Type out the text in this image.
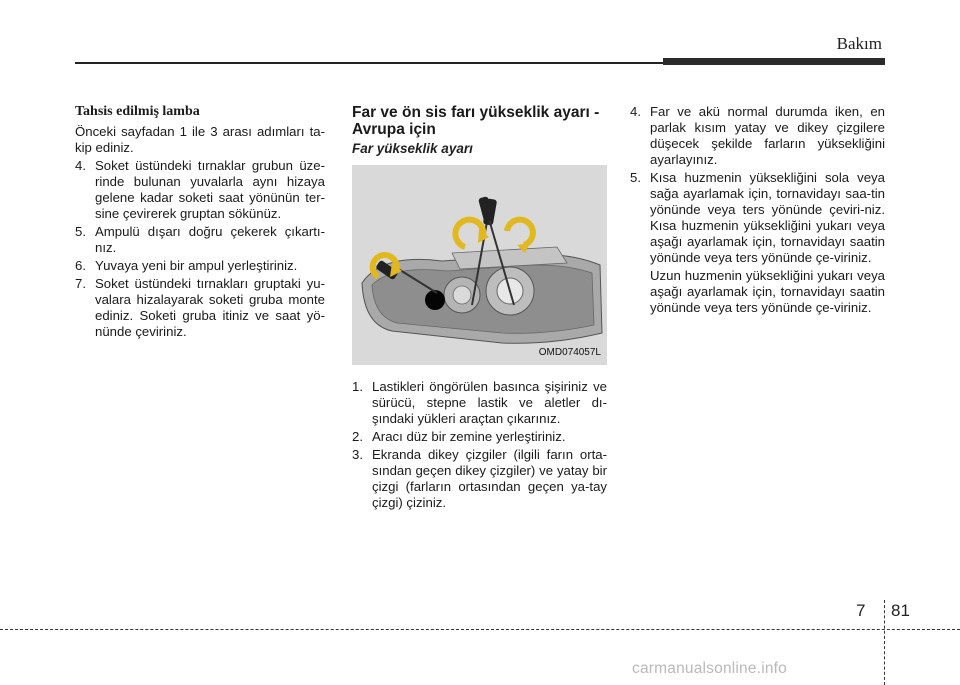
Bakım
Tahsis edilmiş lamba

Önceki sayfadan 1 ile 3 arası adımları ta-kip ediniz.

4. Soket üstündeki tırnaklar grubun üze-rinde bulunan yuvalarla aynı hizaya gelene kadar soketi saat yönünün ter-sine çevirerek gruptan sökünüz.
5. Ampulü dışarı doğru çekerek çıkartı-nız.
6. Yuvaya yeni bir ampul yerleştiriniz.
7. Soket üstündeki tırnakları gruptaki yu-valara hizalayarak soketi gruba monte ediniz. Soketi gruba itiniz ve saat yö-nünde çeviriniz.
Far ve ön sis farı yükseklik ayarı - Avrupa için
Far yükseklik ayarı
OMD074057L
1. Lastikleri öngörülen basınca şişiriniz ve sürücü, stepne lastik ve aletler dı-şındaki yükleri araçtan çıkarınız.
2. Aracı düz bir zemine yerleştiriniz.
3. Ekranda dikey çizgiler (ilgili farın orta-sından geçen dikey çizgiler) ve yatay bir çizgi (farların ortasından geçen ya-tay çizgi) çiziniz.
4. Far ve akü normal durumda iken, en parlak kısım yatay ve dikey çizgilere düşecek şekilde farların yüksekliğini ayarlayınız.
5. Kısa huzmenin yüksekliğini sola veya sağa ayarlamak için, tornavidayı saa-tin yönünde veya ters yönünde çeviri-niz. Kısa huzmenin yüksekliğini yukarı veya aşağı ayarlamak için, tornavidayı saatin yönünde veya ters yönünde çe-viriniz.
Uzun huzmenin yüksekliğini yukarı veya aşağı ayarlamak için, tornavidayı saatin yönünde veya ters yönünde çe-viriniz.
7 81
carmanualsonline.info
